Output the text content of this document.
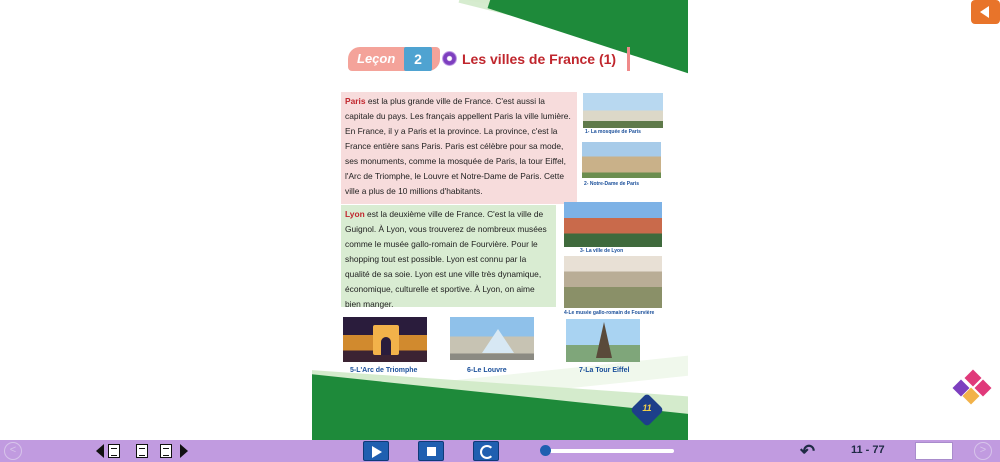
Leçon	2	Les villes de France (1)
Paris est la plus grande ville de France. C'est aussi la capitale du pays. Les français appellent Paris la ville lumière. En France, il y a Paris et la province. La province, c'est la France entière sans Paris. Paris est célèbre pour sa mode, ses monuments, comme la mosquée de Paris, la tour Eiffel, l'Arc de Triomphe, le Louvre et Notre-Dame de Paris. Cette ville a plus de 10 millions d'habitants.
Lyon est la deuxième ville de France. C'est la ville de Guignol. À Lyon, vous trouverez de nombreux musées comme le musée gallo-romain de Fourvière. Pour le shopping tout est possible. Lyon est connu par la qualité de sa soie. Lyon est une ville très dynamique, économique, culturelle et sportive. À Lyon, on aime bien manger.
1- La mosquée de Paris
2- Notre-Dame de Paris
3- La ville de Lyon
4-Le musée gallo-romain de Fourvière
5-L'Arc de Triomphe	6-Le Louvre	7-La Tour Eiffel
11
<	↶	11 - 77	>
